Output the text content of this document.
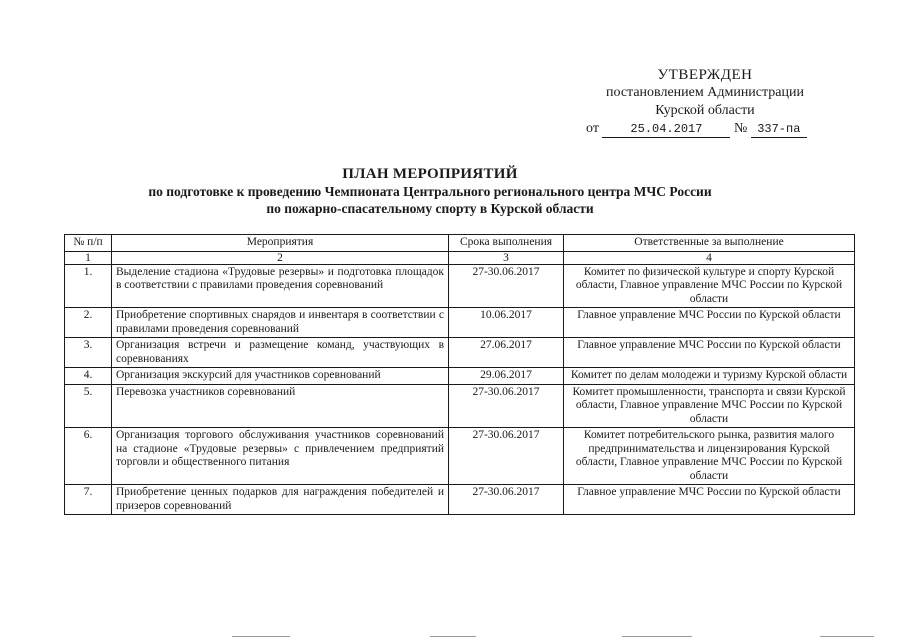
УТВЕРЖДЕН
постановлением Администрации
Курской области
от	25.04.2017 № 337-па
ПЛАН МЕРОПРИЯТИЙ
по подготовке к проведению Чемпионата Центрального регионального центра МЧС России
по пожарно-спасательному спорту в Курской области
№ п/п	Мероприятия	Срока выполнения	Ответственные за выполнение
1	2	3	4
1.	Выделение стадиона «Трудовые резервы» и подготовка площадок в соответствии с правилами проведения соревнований	27-30.06.2017	Комитет по физической культуре и спорту Курской области, Главное управление МЧС России по Курской области
2.	Приобретение спортивных снарядов и инвентаря в соответствии с правилами проведения соревнований	10.06.2017	Главное управление МЧС России по Курской области
3.	Организация встречи и размещение команд, участвующих в соревнованиях	27.06.2017	Главное управление МЧС России по Курской области
4.	Организация экскурсий для участников соревнований	29.06.2017	Комитет по делам молодежи и туризму Курской области
5.	Перевозка участников соревнований	27-30.06.2017	Комитет промышленности, транспорта и связи Курской области, Главное управление МЧС России по Курской области
6.	Организация торгового обслуживания участников соревнований на стадионе «Трудовые резервы» с привлечением предприятий торговли и общественного питания	27-30.06.2017	Комитет потребительского рынка, развития малого предпринимательства и лицензирования Курской области, Главное управление МЧС России по Курской области
7.	Приобретение ценных подарков для награждения победителей и призеров соревнований	27-30.06.2017	Главное управление МЧС России по Курской области
